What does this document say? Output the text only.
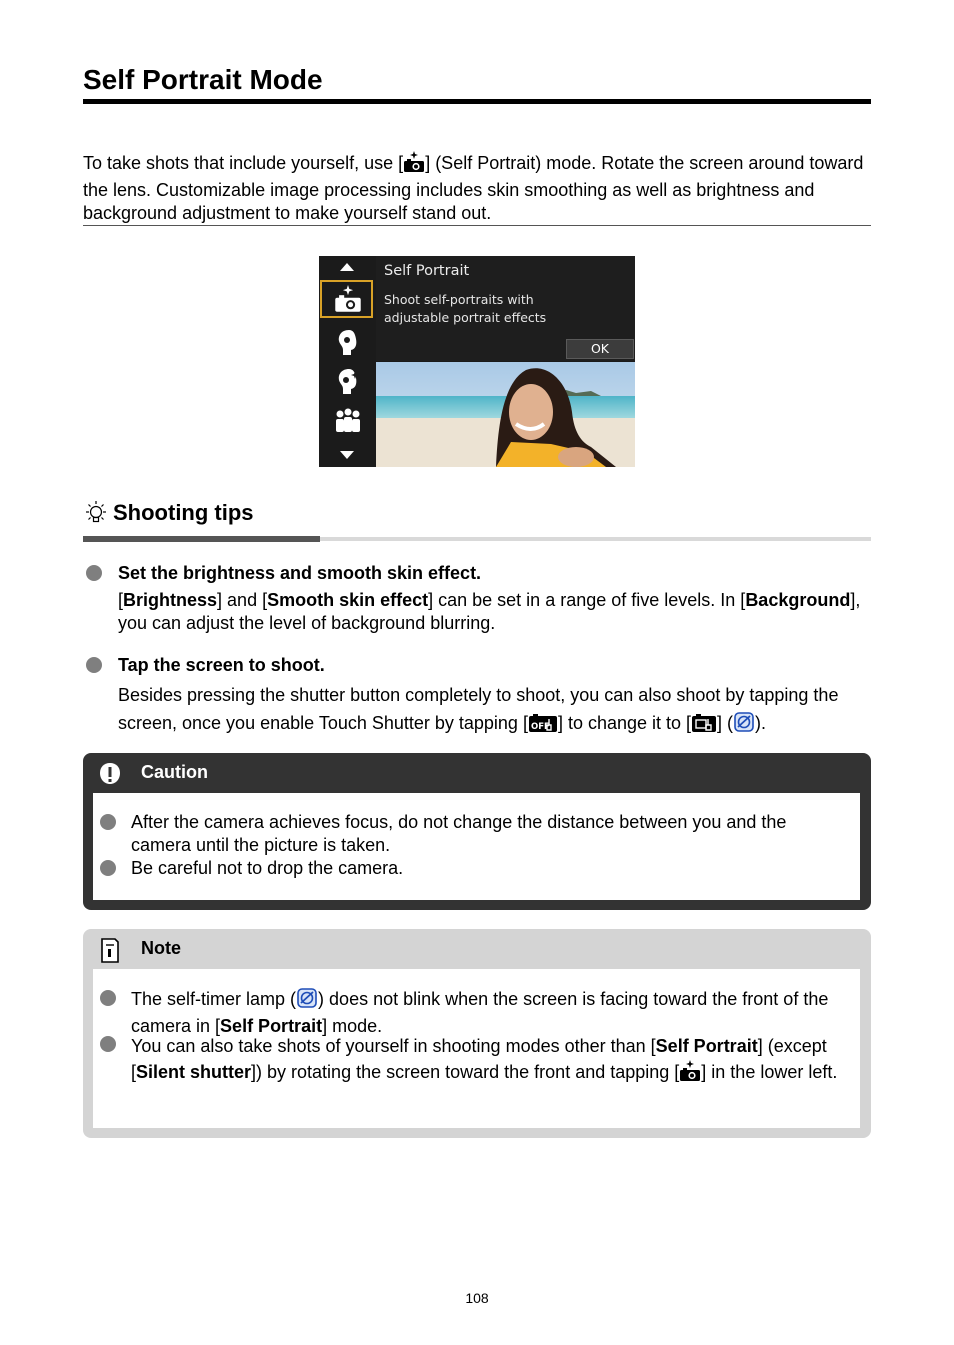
Self Portrait Mode
To take shots that include yourself, use [ ] (Self Portrait) mode. Rotate the screen around toward the lens. Customizable image processing includes skin smoothing as well as brightness and background adjustment to make yourself stand out.
Self Portrait
Shoot self-portraits with
adjustable portrait effects
OK
Shooting tips
Set the brightness and smooth skin effect.
[Brightness] and [Smooth skin effect] can be set in a range of five levels. In [Background], you can adjust the level of background blurring.
Tap the screen to shoot.
Besides pressing the shutter button completely to shoot, you can also shoot by tapping the screen, once you enable Touch Shutter by tapping [ OFF ] to change it to [ ] ( ).
Caution
After the camera achieves focus, do not change the distance between you and the camera until the picture is taken.
Be careful not to drop the camera.
Note
The self-timer lamp ( ) does not blink when the screen is facing toward the front of the camera in [Self Portrait] mode.
You can also take shots of yourself in shooting modes other than [Self Portrait] (except [Silent shutter]) by rotating the screen toward the front and tapping [ ] in the lower left.
108
